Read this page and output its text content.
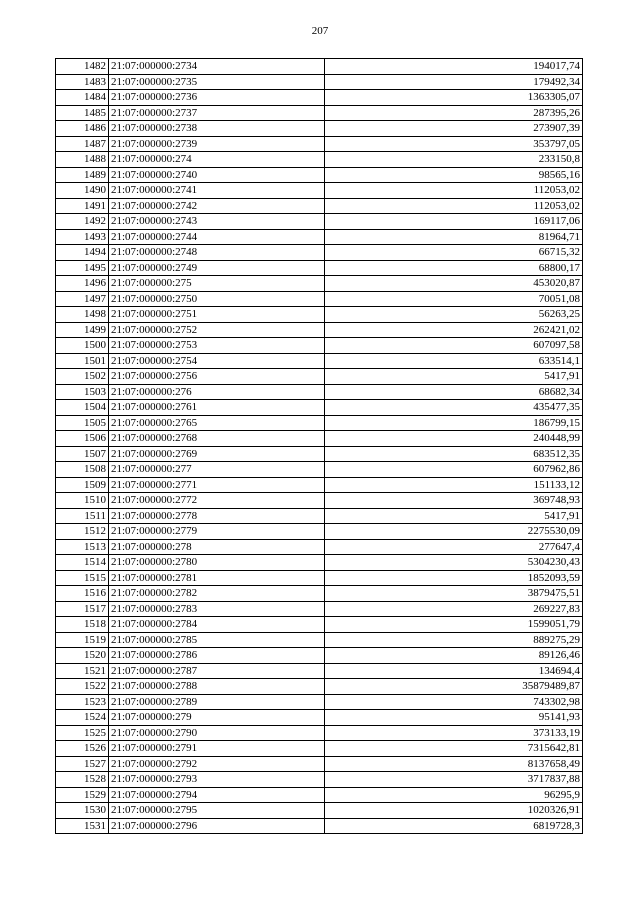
207
1482	21:07:000000:2734	194017,74
1483	21:07:000000:2735	179492,34
1484	21:07:000000:2736	1363305,07
1485	21:07:000000:2737	287395,26
1486	21:07:000000:2738	273907,39
1487	21:07:000000:2739	353797,05
1488	21:07:000000:274	233150,8
1489	21:07:000000:2740	98565,16
1490	21:07:000000:2741	112053,02
1491	21:07:000000:2742	112053,02
1492	21:07:000000:2743	169117,06
1493	21:07:000000:2744	81964,71
1494	21:07:000000:2748	66715,32
1495	21:07:000000:2749	68800,17
1496	21:07:000000:275	453020,87
1497	21:07:000000:2750	70051,08
1498	21:07:000000:2751	56263,25
1499	21:07:000000:2752	262421,02
1500	21:07:000000:2753	607097,58
1501	21:07:000000:2754	633514,1
1502	21:07:000000:2756	5417,91
1503	21:07:000000:276	68682,34
1504	21:07:000000:2761	435477,35
1505	21:07:000000:2765	186799,15
1506	21:07:000000:2768	240448,99
1507	21:07:000000:2769	683512,35
1508	21:07:000000:277	607962,86
1509	21:07:000000:2771	151133,12
1510	21:07:000000:2772	369748,93
1511	21:07:000000:2778	5417,91
1512	21:07:000000:2779	2275530,09
1513	21:07:000000:278	277647,4
1514	21:07:000000:2780	5304230,43
1515	21:07:000000:2781	1852093,59
1516	21:07:000000:2782	3879475,51
1517	21:07:000000:2783	269227,83
1518	21:07:000000:2784	1599051,79
1519	21:07:000000:2785	889275,29
1520	21:07:000000:2786	89126,46
1521	21:07:000000:2787	134694,4
1522	21:07:000000:2788	35879489,87
1523	21:07:000000:2789	743302,98
1524	21:07:000000:279	95141,93
1525	21:07:000000:2790	373133,19
1526	21:07:000000:2791	7315642,81
1527	21:07:000000:2792	8137658,49
1528	21:07:000000:2793	3717837,88
1529	21:07:000000:2794	96295,9
1530	21:07:000000:2795	1020326,91
1531	21:07:000000:2796	6819728,3
